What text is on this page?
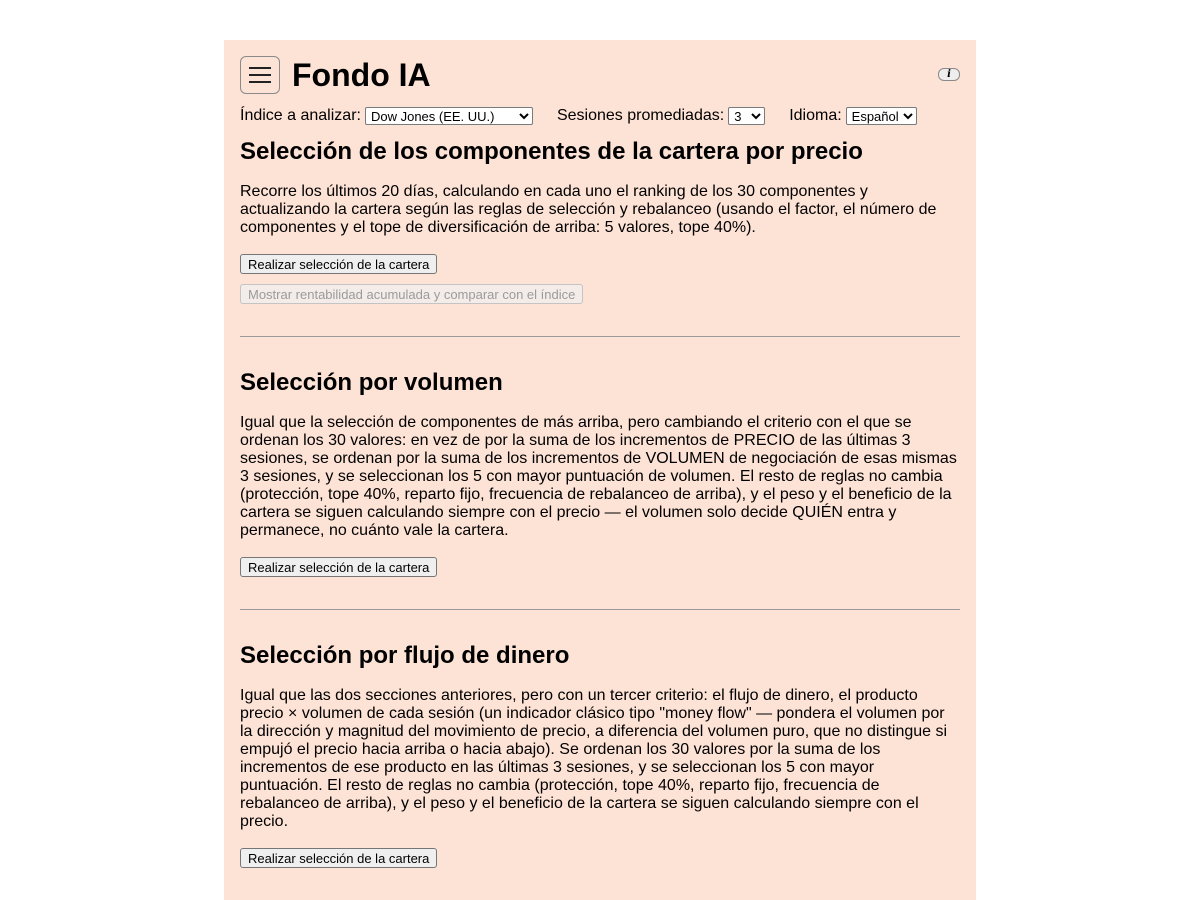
Fondo IA	i
Índice a analizar:
Dow Jones (EE. UU.)	Sesiones promediadas:
3	Idioma:
Español
Selección de los componentes de la cartera por precio

Recorre los últimos 20 días, calculando en cada uno el ranking de los 30 componentes y actualizando la cartera según las reglas de selección y rebalanceo (usando el factor, el número de componentes y el tope de diversificación de arriba: 5 valores, tope 40%).

Realizar selección de la cartera
Mostrar rentabilidad acumulada y comparar con el índice
Selección por volumen

Igual que la selección de componentes de más arriba, pero cambiando el criterio con el que se ordenan los 30 valores: en vez de por la suma de los incrementos de PRECIO de las últimas 3 sesiones, se ordenan por la suma de los incrementos de VOLUMEN de negociación de esas mismas 3 sesiones, y se seleccionan los 5 con mayor puntuación de volumen. El resto de reglas no cambia (protección, tope 40%, reparto fijo, frecuencia de rebalanceo de arriba), y el peso y el beneficio de la cartera se siguen calculando siempre con el precio — el volumen solo decide QUIÉN entra y permanece, no cuánto vale la cartera.

Realizar selección de la cartera
Selección por flujo de dinero

Igual que las dos secciones anteriores, pero con un tercer criterio: el flujo de dinero, el producto precio × volumen de cada sesión (un indicador clásico tipo "money flow" — pondera el volumen por la dirección y magnitud del movimiento de precio, a diferencia del volumen puro, que no distingue si empujó el precio hacia arriba o hacia abajo). Se ordenan los 30 valores por la suma de los incrementos de ese producto en las últimas 3 sesiones, y se seleccionan los 5 con mayor puntuación. El resto de reglas no cambia (protección, tope 40%, reparto fijo, frecuencia de rebalanceo de arriba), y el peso y el beneficio de la cartera se siguen calculando siempre con el precio.

Realizar selección de la cartera
